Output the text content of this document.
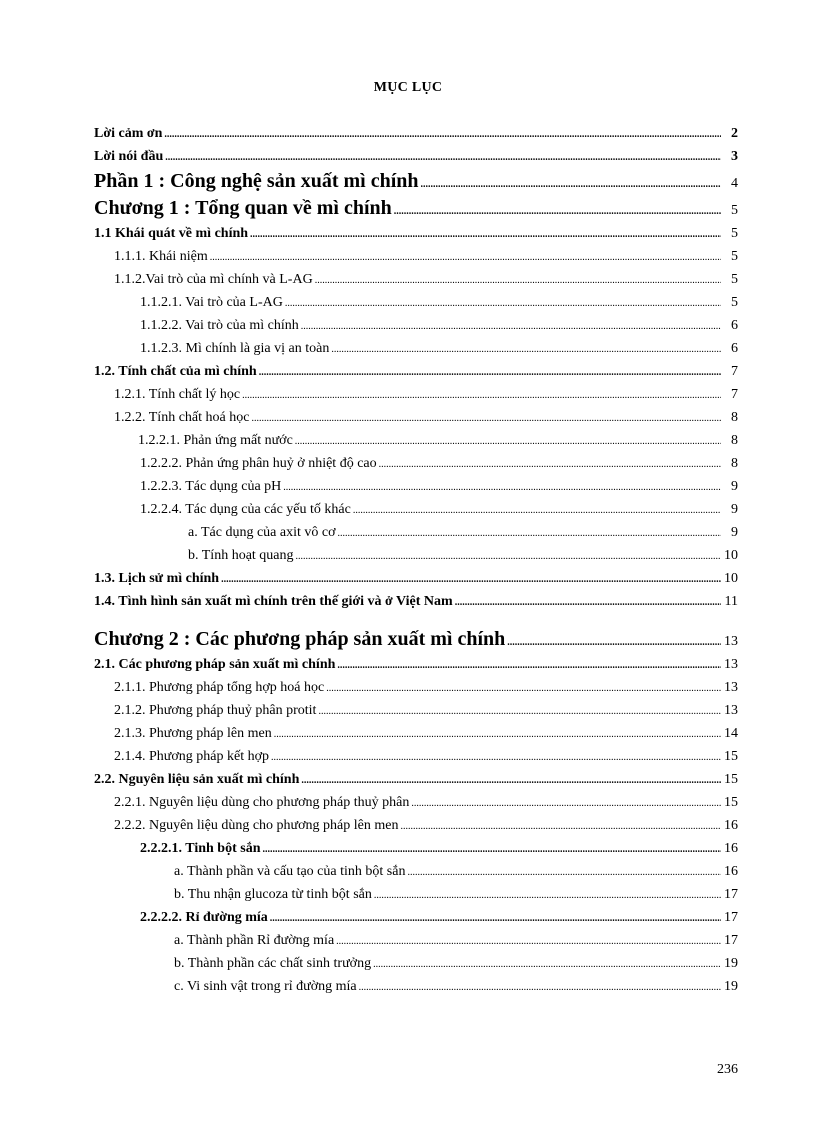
MỤC LỤC
Lời cảm ơn .....	2
Lời nói đầu .....	3
Phần 1 : Công nghệ sản xuất mì chính .....	4
Chương 1 : Tổng quan về mì chính .....	5
1.1 Khái quát về mì chính .....	5
1.1.1. Khái niệm .....	5
1.1.2.Vai trò của mì chính và L-AG .....	5
1.1.2.1. Vai trò của L-AG .....	5
1.1.2.2. Vai trò của mì chính .....	6
1.1.2.3. Mì chính là gia vị an toàn .....	6
1.2. Tính chất của mì chính .....	7
1.2.1. Tính chất lý học .....	7
1.2.2. Tính chất hoá học .....	8
1.2.2.1. Phản ứng mất nước .....	8
1.2.2.2. Phản ứng phân huỷ ở nhiệt độ cao .....	8
1.2.2.3. Tác dụng của pH .....	9
1.2.2.4. Tác dụng của các yếu tố khác .....	9
a. Tác dụng của axit vô cơ .....	9
b. Tính hoạt quang .....	10
1.3. Lịch sử mì chính .....	10
1.4. Tình hình sản xuất mì chính trên thế giới và ở Việt Nam .....	11
Chương 2 : Các phương pháp sản xuất mì chính .....	13
2.1. Các phương pháp sản xuất mì chính .....	13
2.1.1. Phương pháp tổng hợp hoá học .....	13
2.1.2. Phương pháp thuỷ phân protit .....	13
2.1.3. Phương pháp lên men .....	14
2.1.4. Phương pháp kết hợp .....	15
2.2. Nguyên liệu sản xuất mì chính .....	15
2.2.1. Nguyên liệu dùng cho phương pháp thuỷ phân .....	15
2.2.2. Nguyên liệu dùng cho phương pháp lên men .....	16
2.2.2.1. Tinh bột sắn .....	16
a. Thành phần và cấu tạo của tinh bột sắn .....	16
b. Thu nhận glucoza từ tinh bột sắn .....	17
2.2.2.2. Rỉ đường mía .....	17
a. Thành phần Rỉ đường mía .....	17
b. Thành phần các chất sinh trưởng .....	19
c. Vi sinh vật trong rỉ đường mía .....	19
236
